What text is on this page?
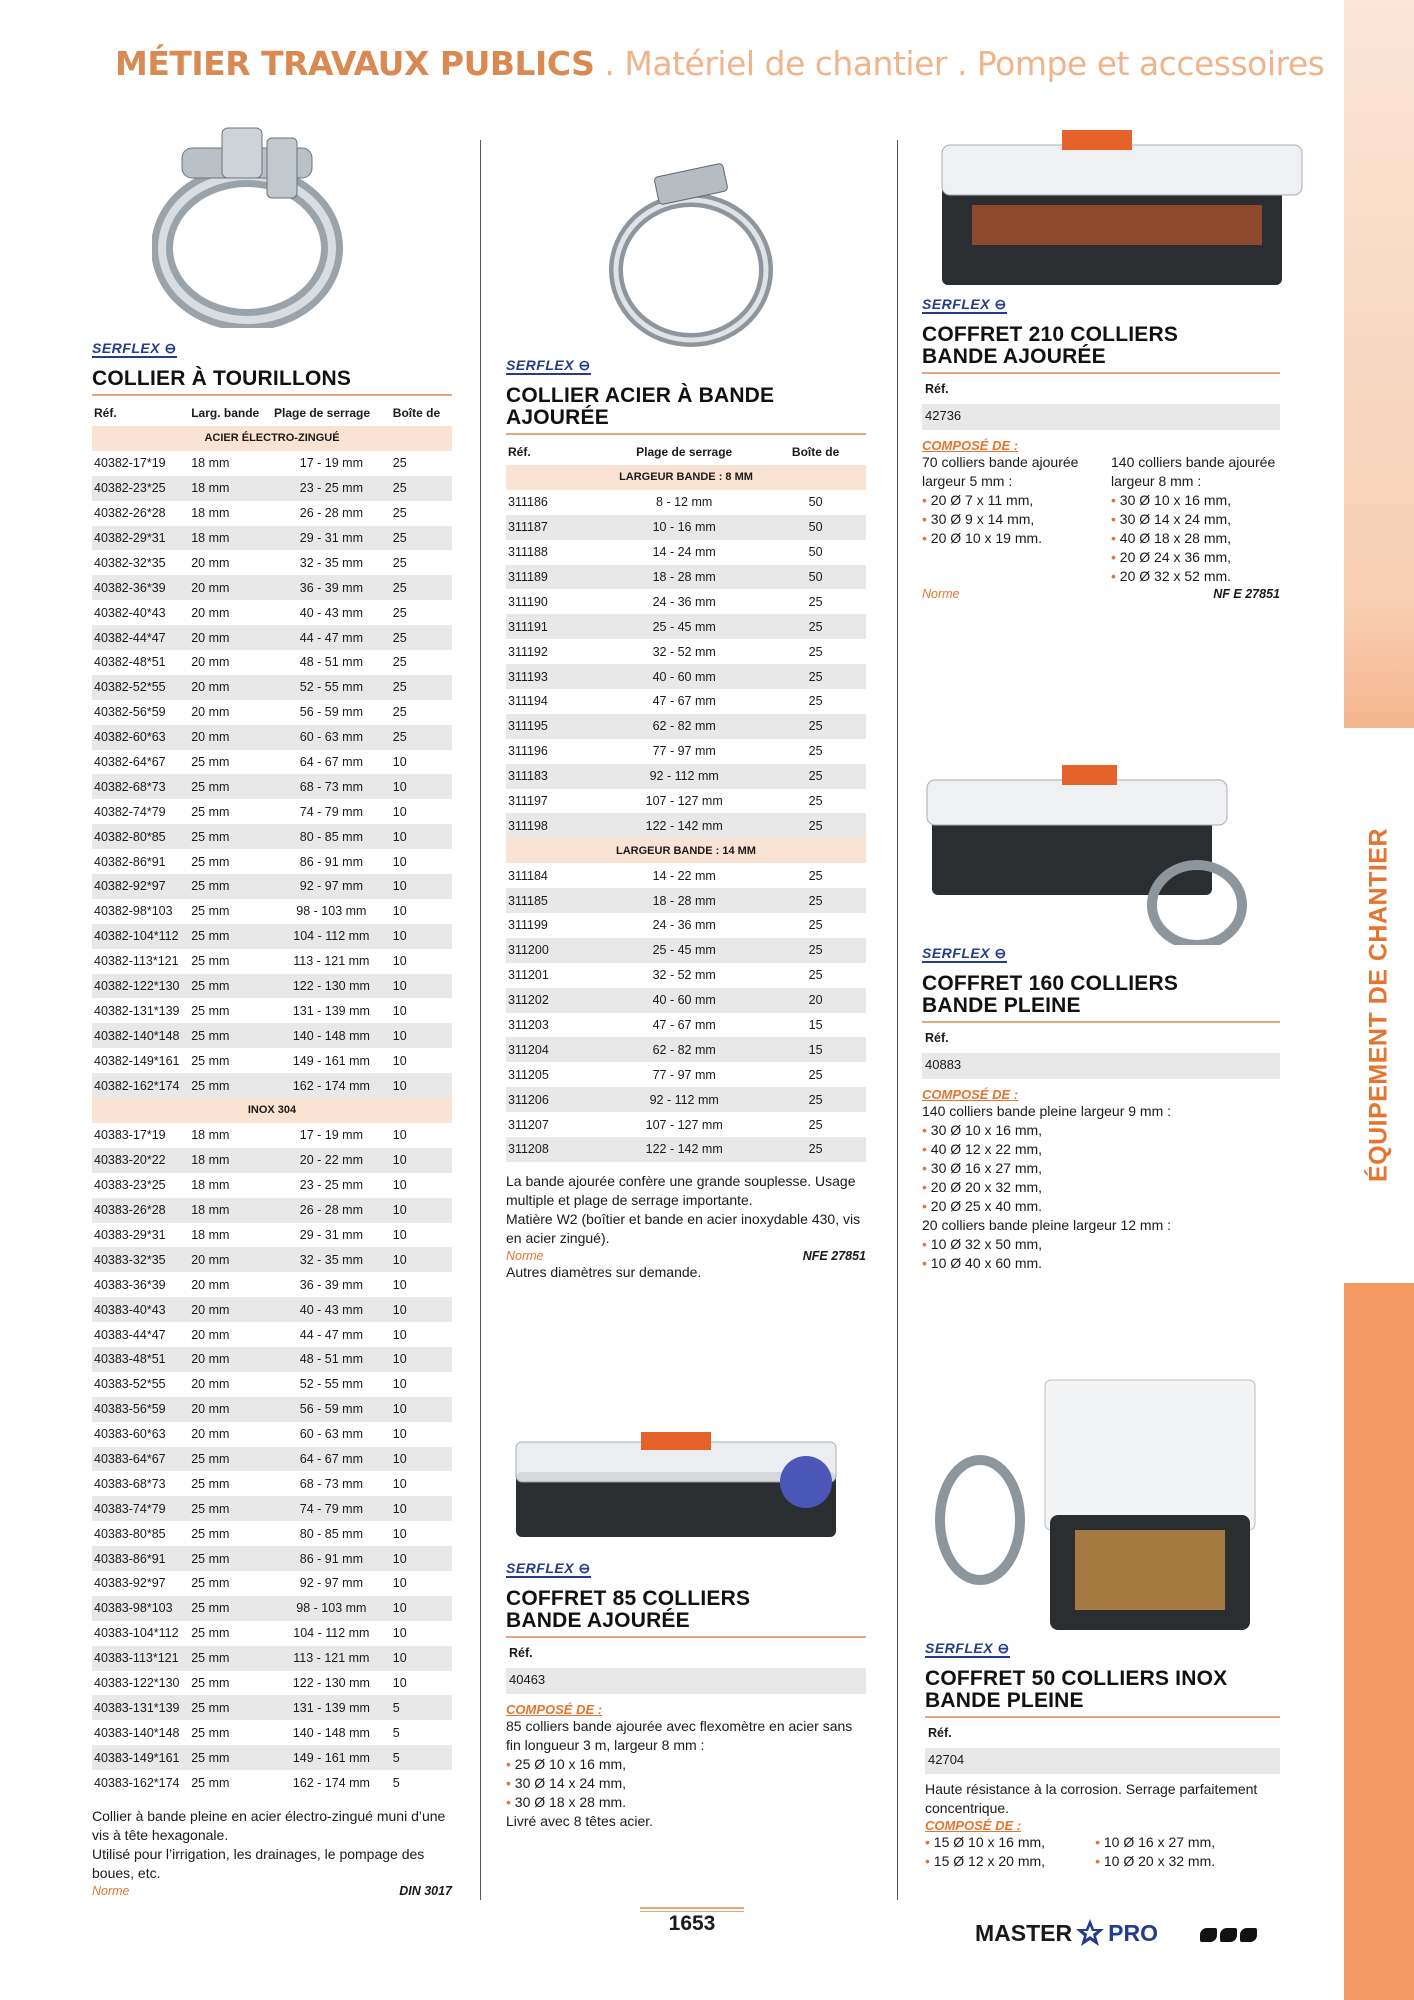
ÉQUIPEMENT DE CHANTIER
MÉTIER TRAVAUX PUBLICS . Matériel de chantier . Pompe et accessoires
SERFLEX ⊖
COLLIER À TOURILLONS
Réf.	Larg. bande	Plage de serrage	Boîte de
ACIER ÉLECTRO-ZINGUÉ			
40382-17*19	18 mm	17 - 19 mm	25
40382-23*25	18 mm	23 - 25 mm	25
40382-26*28	18 mm	26 - 28 mm	25
40382-29*31	18 mm	29 - 31 mm	25
40382-32*35	20 mm	32 - 35 mm	25
40382-36*39	20 mm	36 - 39 mm	25
40382-40*43	20 mm	40 - 43 mm	25
40382-44*47	20 mm	44 - 47 mm	25
40382-48*51	20 mm	48 - 51 mm	25
40382-52*55	20 mm	52 - 55 mm	25
40382-56*59	20 mm	56 - 59 mm	25
40382-60*63	20 mm	60 - 63 mm	25
40382-64*67	25 mm	64 - 67 mm	10
40382-68*73	25 mm	68 - 73 mm	10
40382-74*79	25 mm	74 - 79 mm	10
40382-80*85	25 mm	80 - 85 mm	10
40382-86*91	25 mm	86 - 91 mm	10
40382-92*97	25 mm	92 - 97 mm	10
40382-98*103	25 mm	98 - 103 mm	10
40382-104*112	25 mm	104 - 112 mm	10
40382-113*121	25 mm	113 - 121 mm	10
40382-122*130	25 mm	122 - 130 mm	10
40382-131*139	25 mm	131 - 139 mm	10
40382-140*148	25 mm	140 - 148 mm	10
40382-149*161	25 mm	149 - 161 mm	10
40382-162*174	25 mm	162 - 174 mm	10
INOX 304			
40383-17*19	18 mm	17 - 19 mm	10
40383-20*22	18 mm	20 - 22 mm	10
40383-23*25	18 mm	23 - 25 mm	10
40383-26*28	18 mm	26 - 28 mm	10
40383-29*31	18 mm	29 - 31 mm	10
40383-32*35	20 mm	32 - 35 mm	10
40383-36*39	20 mm	36 - 39 mm	10
40383-40*43	20 mm	40 - 43 mm	10
40383-44*47	20 mm	44 - 47 mm	10
40383-48*51	20 mm	48 - 51 mm	10
40383-52*55	20 mm	52 - 55 mm	10
40383-56*59	20 mm	56 - 59 mm	10
40383-60*63	20 mm	60 - 63 mm	10
40383-64*67	25 mm	64 - 67 mm	10
40383-68*73	25 mm	68 - 73 mm	10
40383-74*79	25 mm	74 - 79 mm	10
40383-80*85	25 mm	80 - 85 mm	10
40383-86*91	25 mm	86 - 91 mm	10
40383-92*97	25 mm	92 - 97 mm	10
40383-98*103	25 mm	98 - 103 mm	10
40383-104*112	25 mm	104 - 112 mm	10
40383-113*121	25 mm	113 - 121 mm	10
40383-122*130	25 mm	122 - 130 mm	10
40383-131*139	25 mm	131 - 139 mm	5
40383-140*148	25 mm	140 - 148 mm	5
40383-149*161	25 mm	149 - 161 mm	5
40383-162*174	25 mm	162 - 174 mm	5
Collier à bande pleine en acier électro-zingué muni d’une vis à tête hexagonale.
Utilisé pour l’irrigation, les drainages, le pompage des boues, etc.
Norme	DIN 3017
SERFLEX ⊖
COLLIER ACIER À BANDE AJOURÉE
Réf.	Plage de serrage	Boîte de
LARGEUR BANDE : 8 MM		
311186	8 - 12 mm	50
311187	10 - 16 mm	50
311188	14 - 24 mm	50
311189	18 - 28 mm	50
311190	24 - 36 mm	25
311191	25 - 45 mm	25
311192	32 - 52 mm	25
311193	40 - 60 mm	25
311194	47 - 67 mm	25
311195	62 - 82 mm	25
311196	77 - 97 mm	25
311183	92 - 112 mm	25
311197	107 - 127 mm	25
311198	122 - 142 mm	25
LARGEUR BANDE : 14 MM		
311184	14 - 22 mm	25
311185	18 - 28 mm	25
311199	24 - 36 mm	25
311200	25 - 45 mm	25
311201	32 - 52 mm	25
311202	40 - 60 mm	20
311203	47 - 67 mm	15
311204	62 - 82 mm	15
311205	77 - 97 mm	25
311206	92 - 112 mm	25
311207	107 - 127 mm	25
311208	122 - 142 mm	25
La bande ajourée confère une grande souplesse. Usage multiple et plage de serrage importante.
Matière W2 (boîtier et bande en acier inoxydable 430, vis en acier zingué).
Norme	NFE 27851
Autres diamètres sur demande.
SERFLEX ⊖
COFFRET 85 COLLIERS
BANDE AJOURÉE
Réf.
40463
COMPOSÉ DE :
85 colliers bande ajourée avec flexomètre en acier sans fin longueur 3 m, largeur 8 mm :
• 25 Ø 10 x 16 mm,
• 30 Ø 14 x 24 mm,
• 30 Ø 18 x 28 mm.
Livré avec 8 têtes acier.
SERFLEX ⊖
COFFRET 210 COLLIERS
BANDE AJOURÉE
Réf.
42736
COMPOSÉ DE :
70 colliers bande ajourée largeur 5 mm :
• 20 Ø 7 x 11 mm,
• 30 Ø 9 x 14 mm,
• 20 Ø 10 x 19 mm.
140 colliers bande ajourée largeur 8 mm :
• 30 Ø 10 x 16 mm,
• 30 Ø 14 x 24 mm,
• 40 Ø 18 x 28 mm,
• 20 Ø 24 x 36 mm,
• 20 Ø 32 x 52 mm.
Norme	NF E 27851
SERFLEX ⊖
COFFRET 160 COLLIERS
BANDE PLEINE
Réf.
40883
COMPOSÉ DE :
140 colliers bande pleine largeur 9 mm :
• 30 Ø 10 x 16 mm,
• 40 Ø 12 x 22 mm,
• 30 Ø 16 x 27 mm,
• 20 Ø 20 x 32 mm,
• 20 Ø 25 x 40 mm.
20 colliers bande pleine largeur 12 mm :
• 10 Ø 32 x 50 mm,
• 10 Ø 40 x 60 mm.
SERFLEX ⊖
COFFRET 50 COLLIERS INOX
BANDE PLEINE
Réf.
42704
Haute résistance à la corrosion. Serrage parfaitement concentrique.
COMPOSÉ DE :
• 15 Ø 10 x 16 mm,
• 15 Ø 12 x 20 mm,
• 10 Ø 16 x 27 mm,
• 10 Ø 20 x 32 mm.
1653	MASTER PRO
